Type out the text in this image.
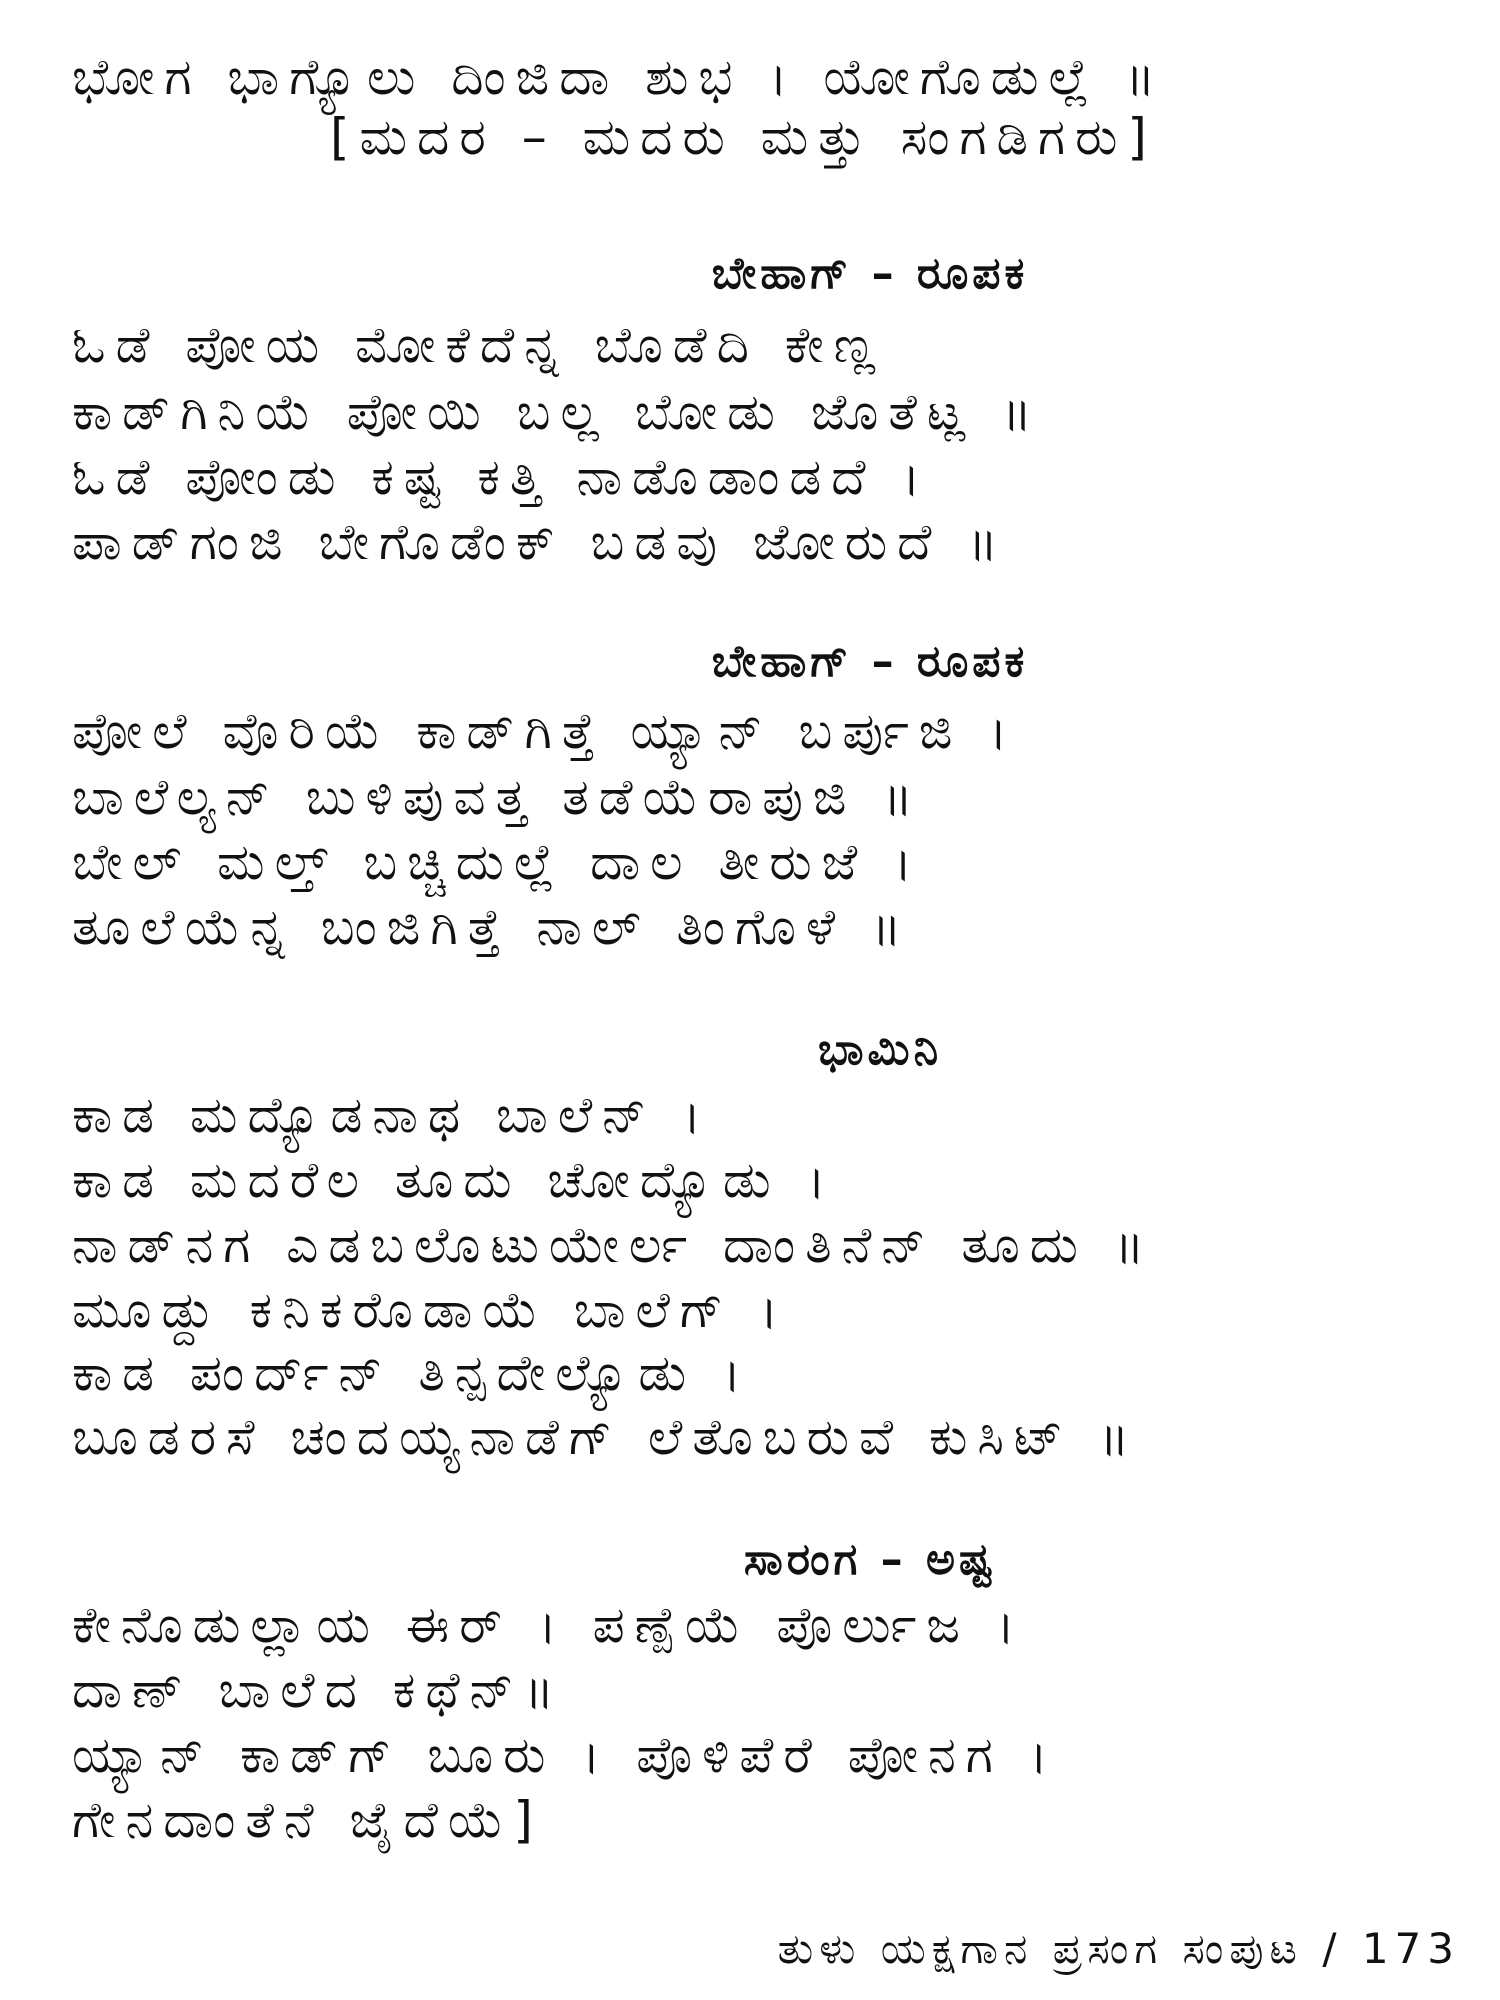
ಭೋಗ ಭಾಗ್ಯೊಲು ದಿಂಜಿದಾ ಶುಭ । ಯೋಗೊಡುಲ್ಲೆ ॥
[ಮದರ – ಮದರು ಮತ್ತು ಸಂಗಡಿಗರು]
ಬೇಹಾಗ್ – ರೂಪಕ
ಓಡೆ ಪೋಯ ಮೋಕೆದೆನ್ನ ಬೊಡೆದಿ ಕೇಣ್ಲ
ಕಾಡ್‌ಗಿನಿಯೆ ಪೋಯಿ ಬಲ್ಲ ಬೋಡು ಜೊತೆಟ್ಲ ॥
ಓಡೆ ಪೋಂಡು ಕಷ್ಟ ಕತ್ತಿ ನಾಡೊಡಾಂಡದೆ ।
ಪಾಡ್‌ಗಂಜಿ ಬೇಗೊಡೆಂಕ್ ಬಡವು ಜೋರುದೆ ॥
ಬೇಹಾಗ್ – ರೂಪಕ
ಪೋಲೆ ವೊರಿಯೆ ಕಾಡ್‌ಗಿತ್ತೆ ಯ್ಯಾನ್ ಬರ್ಪುಜಿ ।
ಬಾಲೆಲ್ಯನ್ ಬುಳಿಪುವತ್ತ ತಡೆಯೆರಾಪುಜಿ ॥
ಬೇಲ್ ಮಲ್ತ್ ಬಚ್ಚಿದುಲ್ಲೆ ದಾಲ ತೀರುಜೆ ।
ತೂಲೆಯೆನ್ನ ಬಂಜಿಗಿತ್ತೆ ನಾಲ್ ತಿಂಗೊಳೆ ॥
ಭಾಮಿನಿ
ಕಾಡ ಮದ್ಯೊಡನಾಥ ಬಾಲೆನ್ ।
ಕಾಡ ಮದರೆಲ ತೂದು ಚೋದ್ಯೊಡು ।
ನಾಡ್‌ನಗ ಎಡಬಲೊಟುಯೇರ್ಲ ದಾಂತಿನೆನ್ ತೂದು ॥
ಮೂಡ್ದು ಕನಿಕರೊಡಾಯೆ ಬಾಲೆಗ್ ।
ಕಾಡ ಪಂರ್ದ್‌ನ್ ತಿನ್ಪದೇಲ್ಯೊಡು ।
ಬೂಡರಸೆ ಚಂದಯ್ಯನಾಡೆಗ್ ಲೆತೊಬರುವೆ ಕುಸಿಟ್ ॥
ಸಾರಂಗ – ಅಷ್ಟ
ಕೇನೊಡುಲ್ಲಾಯ ಈರ್ । ಪಣ್ಪೆಯೆ ಪೊರ್ಲುಜ ।
ದಾಣ್ ಬಾಲೆದ ಕಥೆನ್॥
ಯ್ಯಾನ್ ಕಾಡ್‌ಗ್ ಬೂರು । ಪೊಳಿಪೆರೆ ಪೋನಗ ।
ಗೇನದಾಂತೆನೆ ಜೈದೆಯೆ]
ತುಳು ಯಕ್ಷಗಾನ ಪ್ರಸಂಗ ಸಂಪುಟ / 173
